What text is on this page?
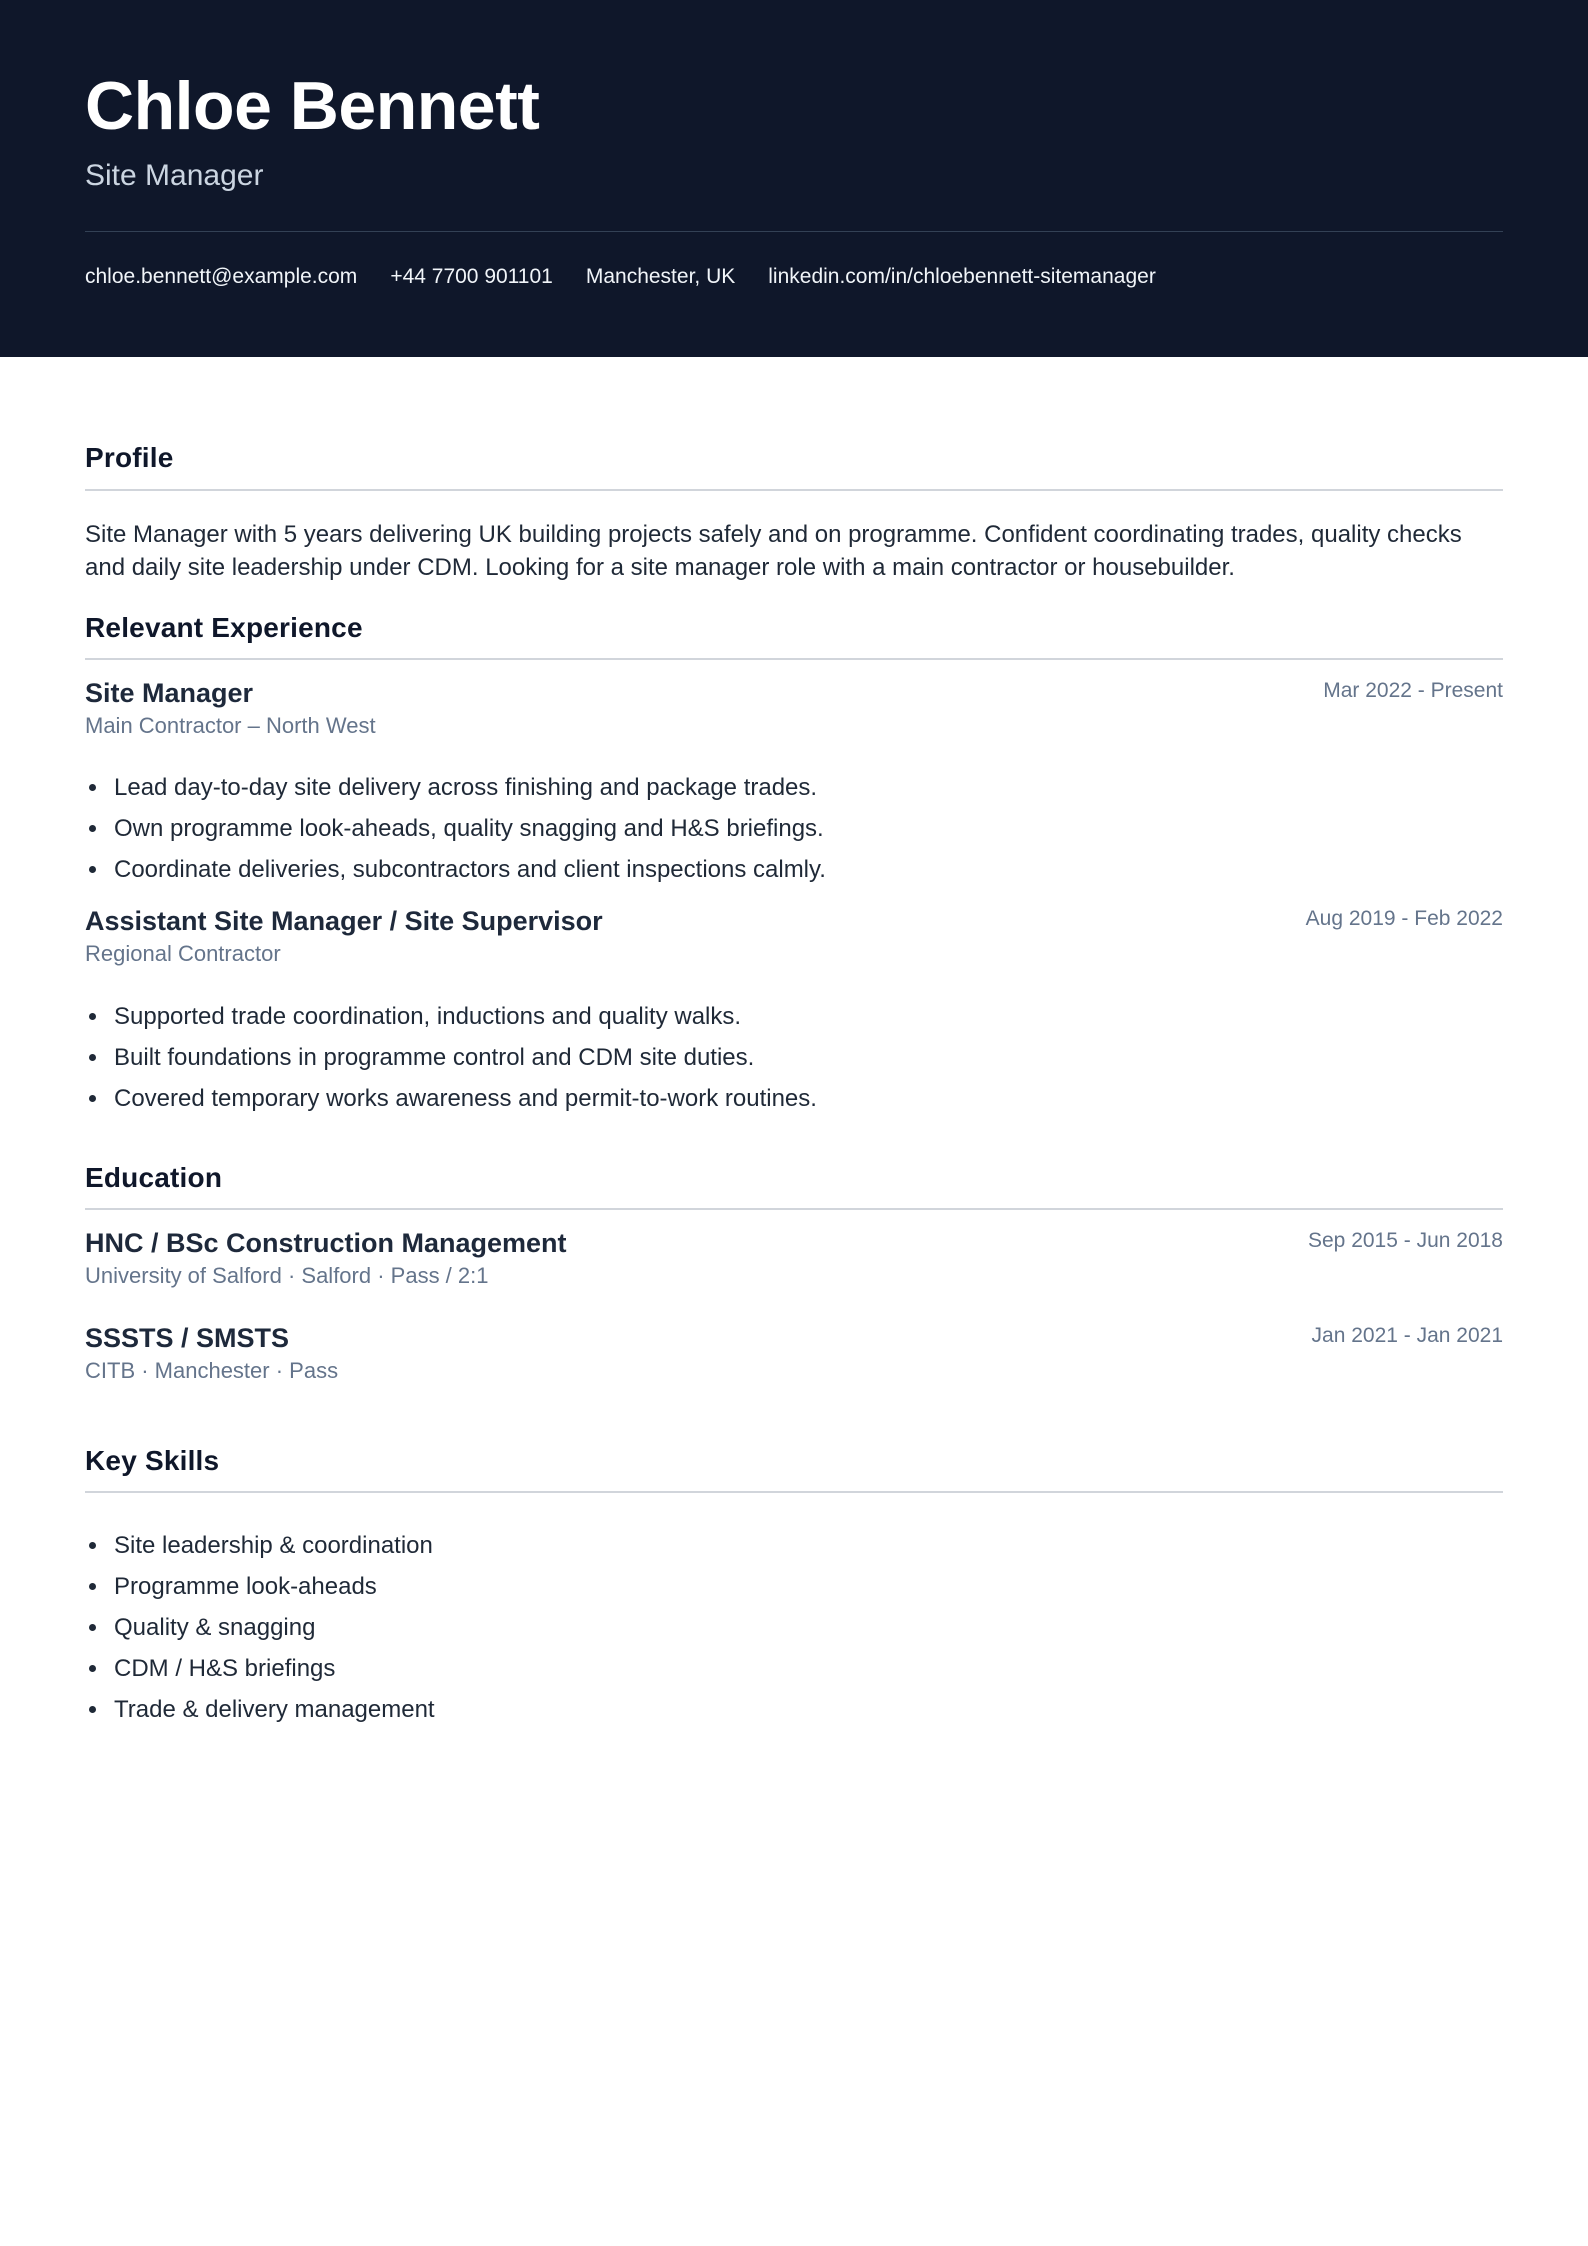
Chloe Bennett
Site Manager
chloe.bennett@example.com +44 7700 901101 Manchester, UK linkedin.com/in/chloebennett-sitemanager
Profile

Site Manager with 5 years delivering UK building projects safely and on programme. Confident coordinating trades, quality checks and daily site leadership under CDM. Looking for a site manager role with a main contractor or housebuilder.

Relevant Experience
Site Manager	Mar 2022 - Present
Main Contractor – North West
Lead day-to-day site delivery across finishing and package trades.
Own programme look-aheads, quality snagging and H&S briefings.
Coordinate deliveries, subcontractors and client inspections calmly.
Assistant Site Manager / Site Supervisor	Aug 2019 - Feb 2022
Regional Contractor
Supported trade coordination, inductions and quality walks.
Built foundations in programme control and CDM site duties.
Covered temporary works awareness and permit-to-work routines.
Education
HNC / BSc Construction Management	Sep 2015 - Jun 2018
University of Salford · Salford · Pass / 2:1
SSSTS / SMSTS	Jan 2021 - Jan 2021
CITB · Manchester · Pass
Key Skills
Site leadership & coordination
Programme look-aheads
Quality & snagging
CDM / H&S briefings
Trade & delivery management
